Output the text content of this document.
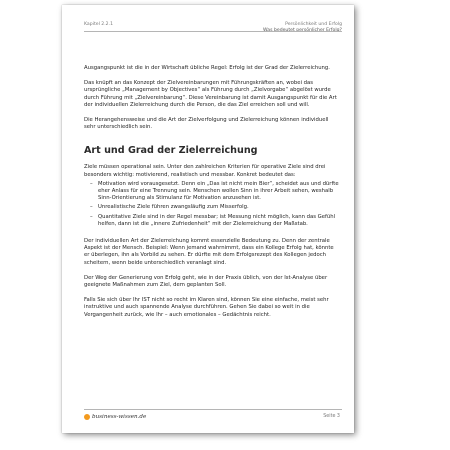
Kapitel 2.2.1	Persönlichkeit und Erfolg
Was bedeutet persönlicher Erfolg?

Ausgangspunkt ist die in der Wirtschaft übliche Regel: Erfolg ist der Grad der Zielerreichung.

Das knüpft an das Konzept der Zielvereinbarungen mit Führungskräften an, wobei das ursprüngliche „Management by Objectives“ als Führung durch „Zielvorgabe“ abgelöst wurde durch Führung mit „Zielvereinbarung“. Diese Vereinbarung ist damit Ausgangspunkt für die Art der individuellen Zielerreichung durch die Person, die das Ziel erreichen soll und will.

Die Herangehensweise und die Art der Zielverfolgung und Zielerreichung können individuell sehr unterschiedlich sein.

Art und Grad der Zielerreichung

Ziele müssen operational sein. Unter den zahlreichen Kriterien für operative Ziele sind drei besonders wichtig: motivierend, realistisch und messbar. Konkret bedeutet das:

– Motivation wird vorausgesetzt. Denn ein „Das ist nicht mein Bier“, scheidet aus und dürfte eher Anlass für eine Trennung sein. Menschen wollen Sinn in ihrer Arbeit sehen, weshalb Sinn-Orientierung als Stimulanz für Motivation anzusehen ist.
– Unrealistische Ziele führen zwangsläufig zum Misserfolg.
– Quantitative Ziele sind in der Regel messbar; ist Messung nicht möglich, kann das Gefühl helfen, dann ist die „innere Zufriedenheit“ mit der Zielerreichung der Maßstab.

Der individuellen Art der Zielerreichung kommt essenzielle Bedeutung zu. Denn der zentrale Aspekt ist der Mensch. Beispiel: Wenn jemand wahrnimmt, dass ein Kollege Erfolg hat, könnte er überlegen, ihn als Vorbild zu sehen. Er dürfte mit dem Erfolgsrezept des Kollegen jedoch scheitern, wenn beide unterschiedlich veranlagt sind.

Der Weg der Generierung von Erfolg geht, wie in der Praxis üblich, von der Ist-Analyse über geeignete Maßnahmen zum Ziel, dem geplanten Soll.

Falls Sie sich über Ihr IST nicht so recht im Klaren sind, können Sie eine einfache, meist sehr instruktive und auch spannende Analyse durchführen. Gehen Sie dabei so weit in die Vergangenheit zurück, wie Ihr – auch emotionales – Gedächtnis reicht.

business-wissen.de	Seite 3
